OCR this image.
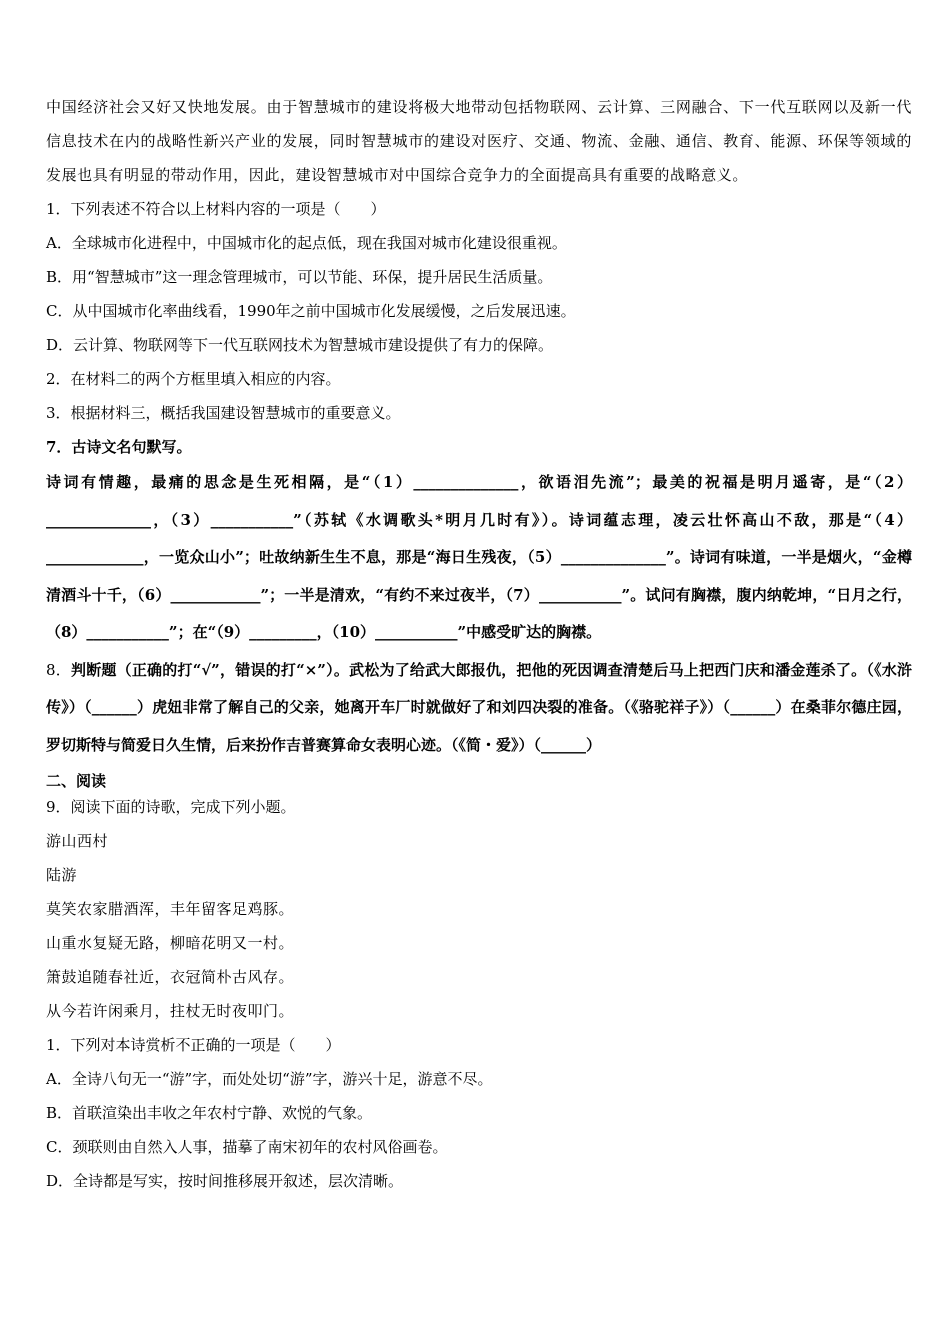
中国经济社会又好又快地发展。由于智慧城市的建设将极大地带动包括物联网、云计算、三网融合、下一代互联网以及新一代信息技术在内的战略性新兴产业的发展，同时智慧城市的建设对医疗、交通、物流、金融、通信、教育、能源、环保等领域的发展也具有明显的带动作用，因此，建设智慧城市对中国综合竞争力的全面提高具有重要的战略意义。

1．下列表述不符合以上材料内容的一项是（　　）

A．全球城市化进程中，中国城市化的起点低，现在我国对城市化建设很重视。

B．用“智慧城市”这一理念管理城市，可以节能、环保，提升居民生活质量。

C．从中国城市化率曲线看，1990年之前中国城市化发展缓慢，之后发展迅速。

D．云计算、物联网等下一代互联网技术为智慧城市建设提供了有力的保障。

2．在材料二的两个方框里填入相应的内容。

3．根据材料三，概括我国建设智慧城市的重要意义。

7．古诗文名句默写。

诗词有情趣，最痛的思念是生死相隔，是“（1）______________，欲语泪先流”；最美的祝福是明月遥寄，是“（2）______________，（3）___________”（苏轼《水调歌头*明月几时有》）。诗词蕴志理，凌云壮怀高山不敌，那是“（4）_____________，一览众山小”；吐故纳新生生不息，那是“海日生残夜，（5）______________”。诗词有味道，一半是烟火，“金樽清酒斗十千，（6）____________”；一半是清欢，“有约不来过夜半，（7）___________”。试问有胸襟，腹内纳乾坤，“日月之行，（8）___________”；在“（9）_________，（10）___________”中感受旷达的胸襟。

8．判断题（正确的打“√”，错误的打“×”）。武松为了给武大郎报仇，把他的死因调查清楚后马上把西门庆和潘金莲杀了。（《水浒传》）（______）虎妞非常了解自己的父亲，她离开车厂时就做好了和刘四决裂的准备。（《骆驼祥子》）（______）在桑菲尔德庄园，罗切斯特与简爱日久生情，后来扮作吉普赛算命女表明心迹。（《简・爱》）（______）

二、阅读

9．阅读下面的诗歌，完成下列小题。

游山西村

陆游

莫笑农家腊酒浑，丰年留客足鸡豚。

山重水复疑无路，柳暗花明又一村。

箫鼓追随春社近，衣冠简朴古风存。

从今若许闲乘月，拄杖无时夜叩门。

1．下列对本诗赏析不正确的一项是（　　）

A．全诗八句无一“游”字，而处处切“游”字，游兴十足，游意不尽。

B．首联渲染出丰收之年农村宁静、欢悦的气象。

C．颈联则由自然入人事，描摹了南宋初年的农村风俗画卷。

D．全诗都是写实，按时间推移展开叙述，层次清晰。
